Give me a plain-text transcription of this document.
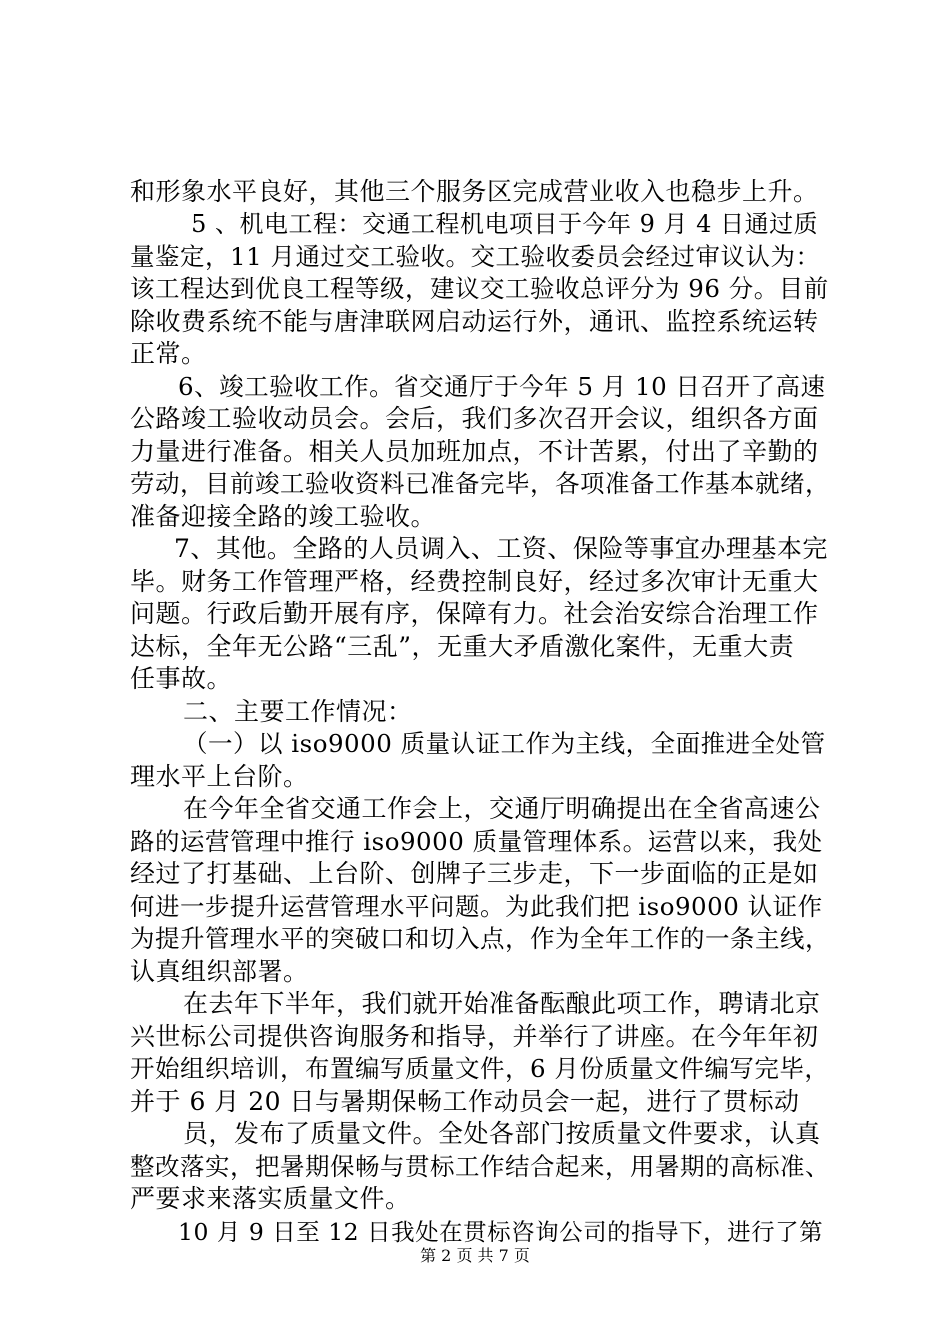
和形象水平良好，其他三个服务区完成营业收入也稳步上升。
5 、机电工程：交通工程机电项目于今年 9 月 4 日通过质
量鉴定，11 月通过交工验收。交工验收委员会经过审议认为：
该工程达到优良工程等级，建议交工验收总评分为 96 分。目前
除收费系统不能与唐津联网启动运行外，通讯、监控系统运转
正常。
6、竣工验收工作。省交通厅于今年 5 月 10 日召开了高速
公路竣工验收动员会。会后，我们多次召开会议，组织各方面
力量进行准备。相关人员加班加点，不计苦累，付出了辛勤的
劳动，目前竣工验收资料已准备完毕，各项准备工作基本就绪，
准备迎接全路的竣工验收。
7、其他。全路的人员调入、工资、保险等事宜办理基本完
毕。财务工作管理严格，经费控制良好，经过多次审计无重大
问题。行政后勤开展有序，保障有力。社会治安综合治理工作
达标，全年无公路“三乱”，无重大矛盾激化案件，无重大责
任事故。
二、主要工作情况：
（一）以 iso9000 质量认证工作为主线，全面推进全处管
理水平上台阶。
在今年全省交通工作会上，交通厅明确提出在全省高速公
路的运营管理中推行 iso9000 质量管理体系。运营以来，我处
经过了打基础、上台阶、创牌子三步走，下一步面临的正是如
何进一步提升运营管理水平问题。为此我们把 iso9000 认证作
为提升管理水平的突破口和切入点，作为全年工作的一条主线，
认真组织部署。
在去年下半年，我们就开始准备酝酿此项工作，聘请北京
兴世标公司提供咨询服务和指导，并举行了讲座。在今年年初
开始组织培训，布置编写质量文件，6 月份质量文件编写完毕，
并于 6 月 20 日与暑期保畅工作动员会一起，进行了贯标动
员，发布了质量文件。全处各部门按质量文件要求，认真
整改落实，把暑期保畅与贯标工作结合起来，用暑期的高标准、
严要求来落实质量文件。
10 月 9 日至 12 日我处在贯标咨询公司的指导下，进行了第
第 2 页 共 7 页
